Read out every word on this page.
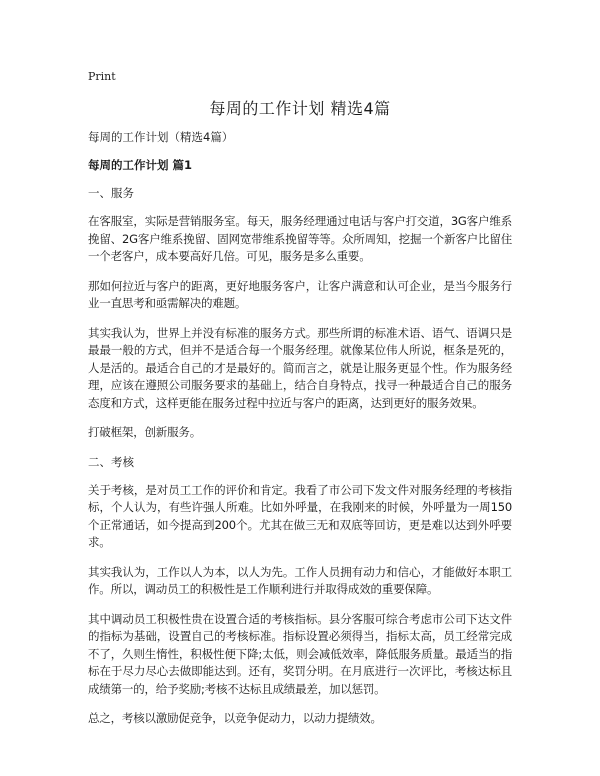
Print

每周的工作计划 精选4篇

每周的工作计划（精选4篇）

每周的工作计划 篇1

一、服务

在客服室，实际是营销服务室。每天，服务经理通过电话与客户打交道，3G客户维系挽留、2G客户维系挽留、固网宽带维系挽留等等。众所周知，挖掘一个新客户比留住一个老客户，成本要高好几倍。可见，服务是多么重要。

那如何拉近与客户的距离，更好地服务客户，让客户满意和认可企业，是当今服务行业一直思考和亟需解决的难题。

其实我认为，世界上并没有标准的服务方式。那些所谓的标准术语、语气、语调只是最最一般的方式，但并不是适合每一个服务经理。就像某位伟人所说，框条是死的，人是活的。最适合自己的才是最好的。简而言之，就是让服务更显个性。作为服务经理，应该在遵照公司服务要求的基础上，结合自身特点，找寻一种最适合自己的服务态度和方式，这样更能在服务过程中拉近与客户的距离，达到更好的服务效果。

打破框架，创新服务。

二、考核

关于考核，是对员工工作的评价和肯定。我看了市公司下发文件对服务经理的考核指标，个人认为，有些许强人所难。比如外呼量，在我刚来的时候，外呼量为一周150个正常通话，如今提高到200个。尤其在做三无和双底等回访，更是难以达到外呼要求。

其实我认为，工作以人为本，以人为先。工作人员拥有动力和信心，才能做好本职工作。所以，调动员工的积极性是工作顺利进行并取得成效的重要保障。

其中调动员工积极性贵在设置合适的考核指标。县分客服可综合考虑市公司下达文件的指标为基础，设置自己的考核标准。指标设置必须得当，指标太高，员工经常完成不了，久则生惰性，积极性便下降;太低，则会减低效率，降低服务质量。最适当的指标在于尽力尽心去做即能达到。还有，奖罚分明。在月底进行一次评比，考核达标且成绩第一的，给予奖励;考核不达标且成绩最差，加以惩罚。

总之，考核以激励促竞争，以竞争促动力，以动力提绩效。
